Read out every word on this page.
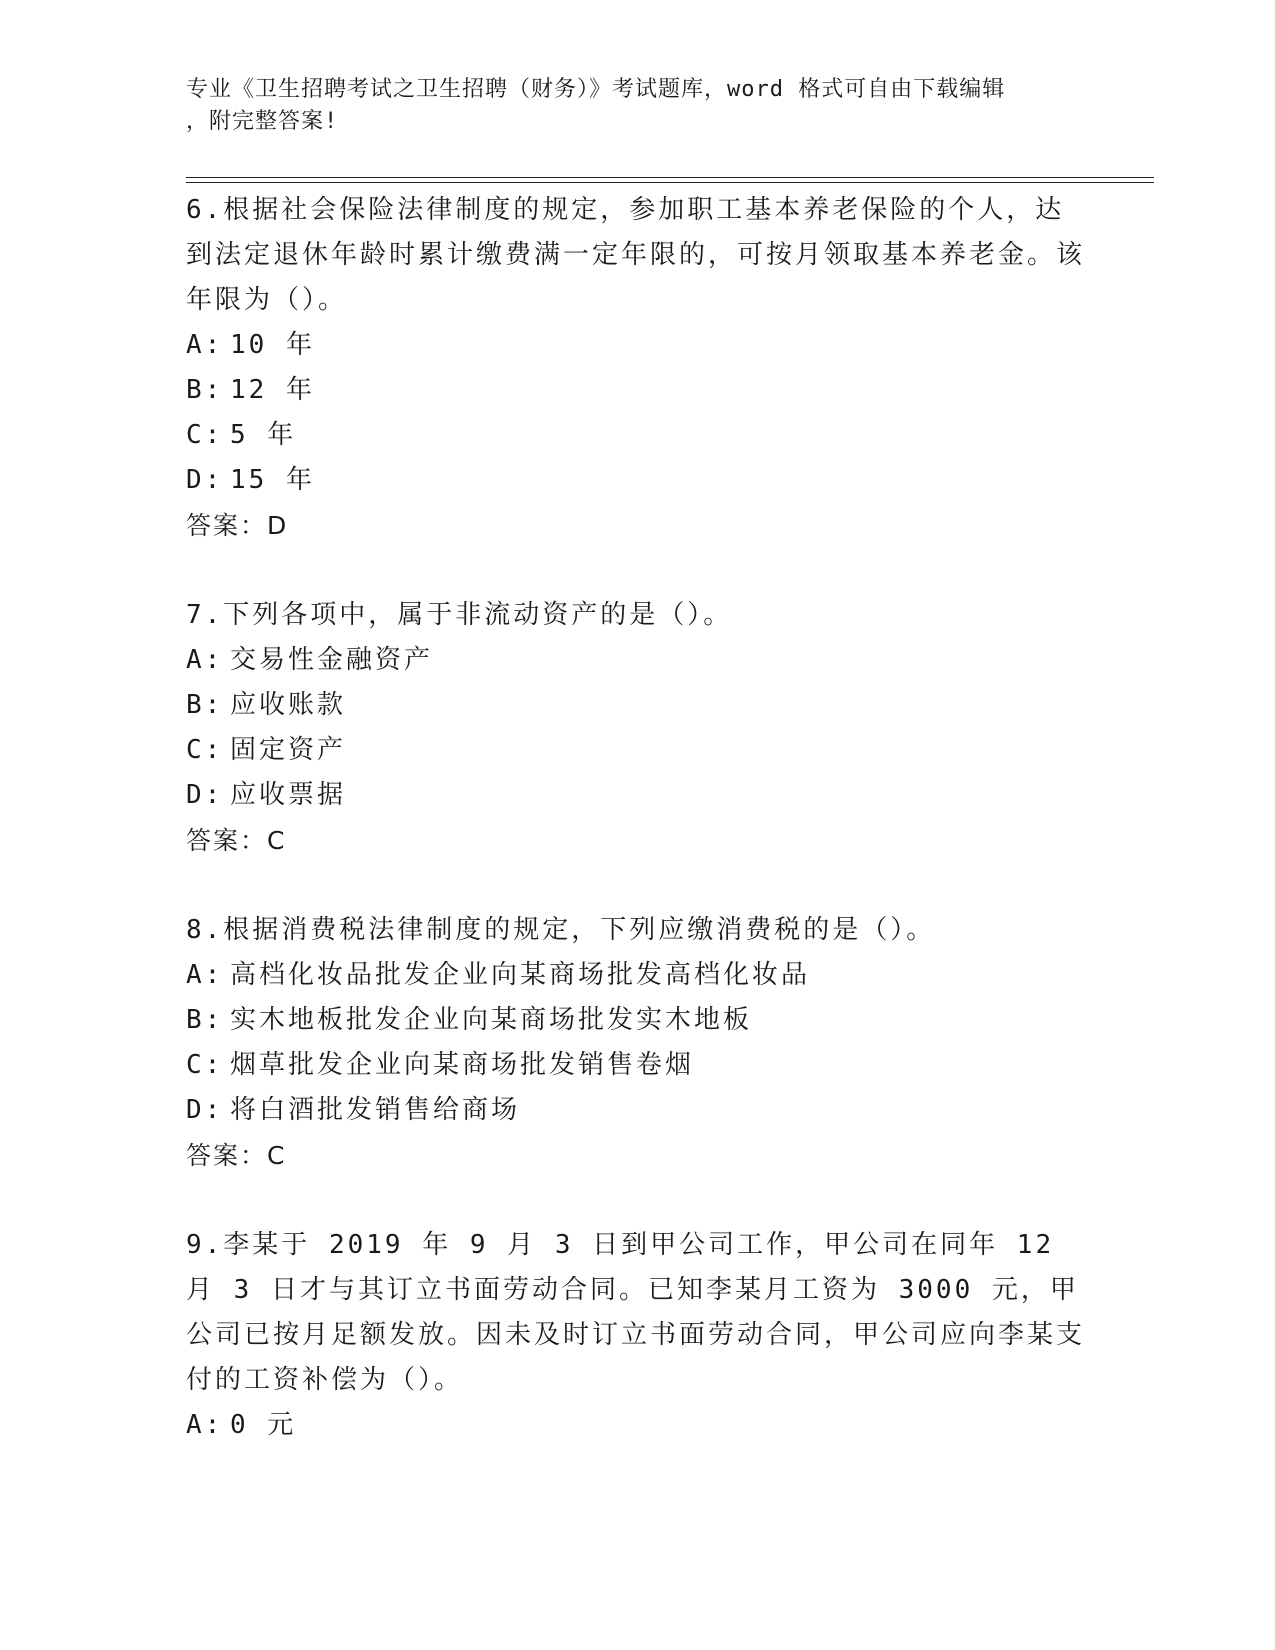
专业《卫生招聘考试之卫生招聘（财务）》考试题库，word 格式可自由下载编辑
，附完整答案!

6.根据社会保险法律制度的规定，参加职工基本养老保险的个人，达到法定退休年龄时累计缴费满一定年限的，可按月领取基本养老金。该年限为（）。

A: 10 年

B: 12 年

C: 5 年

D: 15 年

答案：D

7.下列各项中，属于非流动资产的是（）。

A: 交易性金融资产

B: 应收账款

C: 固定资产

D: 应收票据

答案：C

8.根据消费税法律制度的规定，下列应缴消费税的是（）。

A: 高档化妆品批发企业向某商场批发高档化妆品

B: 实木地板批发企业向某商场批发实木地板

C: 烟草批发企业向某商场批发销售卷烟

D: 将白酒批发销售给商场

答案：C

9.李某于 2019 年 9 月 3 日到甲公司工作，甲公司在同年 12 月 3 日才与其订立书面劳动合同。已知李某月工资为 3000 元，甲公司已按月足额发放。因未及时订立书面劳动合同，甲公司应向李某支付的工资补偿为（）。

A: 0 元
